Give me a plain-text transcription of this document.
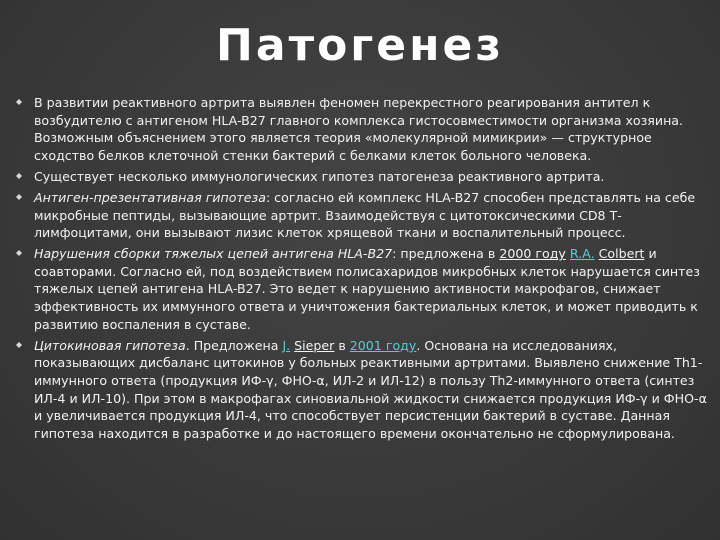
Патогенез
В развитии реактивного артрита выявлен феномен перекрестного реагирования антител к возбудителю с антигеном HLA-B27 главного комплекса гистосовместимости организма хозяина. Возможным объяснением этого является теория «молекулярной мимикрии» — структурное сходство белков клеточной стенки бактерий с белками клеток больного человека.
Существует несколько иммунологических гипотез патогенеза реактивного артрита.
Антиген-презентативная гипотеза: согласно ей комплекс HLA-B27 способен представлять на себе микробные пептиды, вызывающие артрит. Взаимодействуя с цитотоксическими CD8 Т-лимфоцитами, они вызывают лизис клеток хрящевой ткани и воспалительный процесс.
Нарушения сборки тяжелых цепей антигена HLA-B27: предложена в 2000 году R.A. Colbert и соавторами. Согласно ей, под воздействием полисахаридов микробных клеток нарушается синтез тяжелых цепей антигена HLA-B27. Это ведет к нарушению активности макрофагов, снижает эффективность их иммунного ответа и уничтожения бактериальных клеток, и может приводить к развитию воспаления в суставе.
Цитокиновая гипотеза. Предложена J. Sieper в 2001 году. Основана на исследованиях, показывающих дисбаланс цитокинов у больных реактивными артритами. Выявлено снижение Th1-иммунного ответа (продукция ИФ-γ, ФНО-α, ИЛ-2 и ИЛ-12) в пользу Th2-иммунного ответа (синтез ИЛ-4 и ИЛ-10). При этом в макрофагах синовиальной жидкости снижается продукция ИФ-γ и ФНО-α и увеличивается продукция ИЛ-4, что способствует персистенции бактерий в суставе. Данная гипотеза находится в разработке и до настоящего времени окончательно не сформулирована.
